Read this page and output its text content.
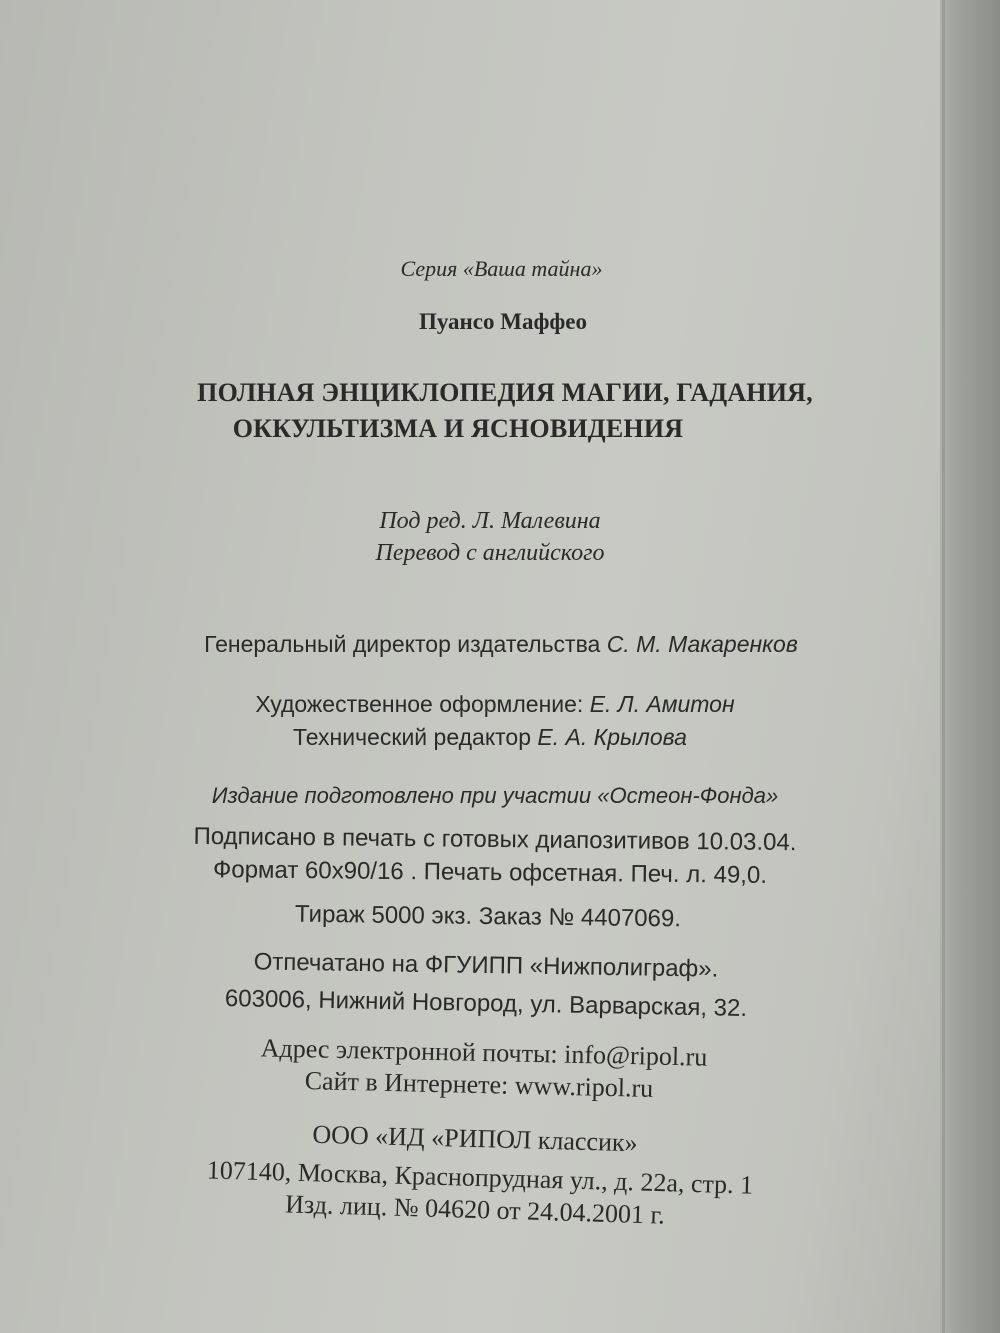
Серия «Ваша тайна»
Пуансо Маффео
ПОЛНАЯ ЭНЦИКЛОПЕДИЯ МАГИИ, ГАДАНИЯ,
ОККУЛЬТИЗМА И ЯСНОВИДЕНИЯ
Под ред. Л. Малевина
Перевод с английского
Генеральный директор издательства С. М. Макаренков
Художественное оформление: Е. Л. Амитон
Технический редактор Е. А. Крылова
Издание подготовлено при участии «Остеон-Фонда»
Подписано в печать с готовых диапозитивов 10.03.04.
Формат 60x90/16 . Печать офсетная. Печ. л. 49,0.
Тираж 5000 экз. Заказ № 4407069.
Отпечатано на ФГУИПП «Нижполиграф».
603006, Нижний Новгород, ул. Варварская, 32.
Адрес электронной почты: info@ripol.ru
Сайт в Интернете: www.ripol.ru
ООО «ИД «РИПОЛ классик»
107140, Москва, Краснопрудная ул., д. 22а, стр. 1
Изд. лиц. № 04620 от 24.04.2001 г.
